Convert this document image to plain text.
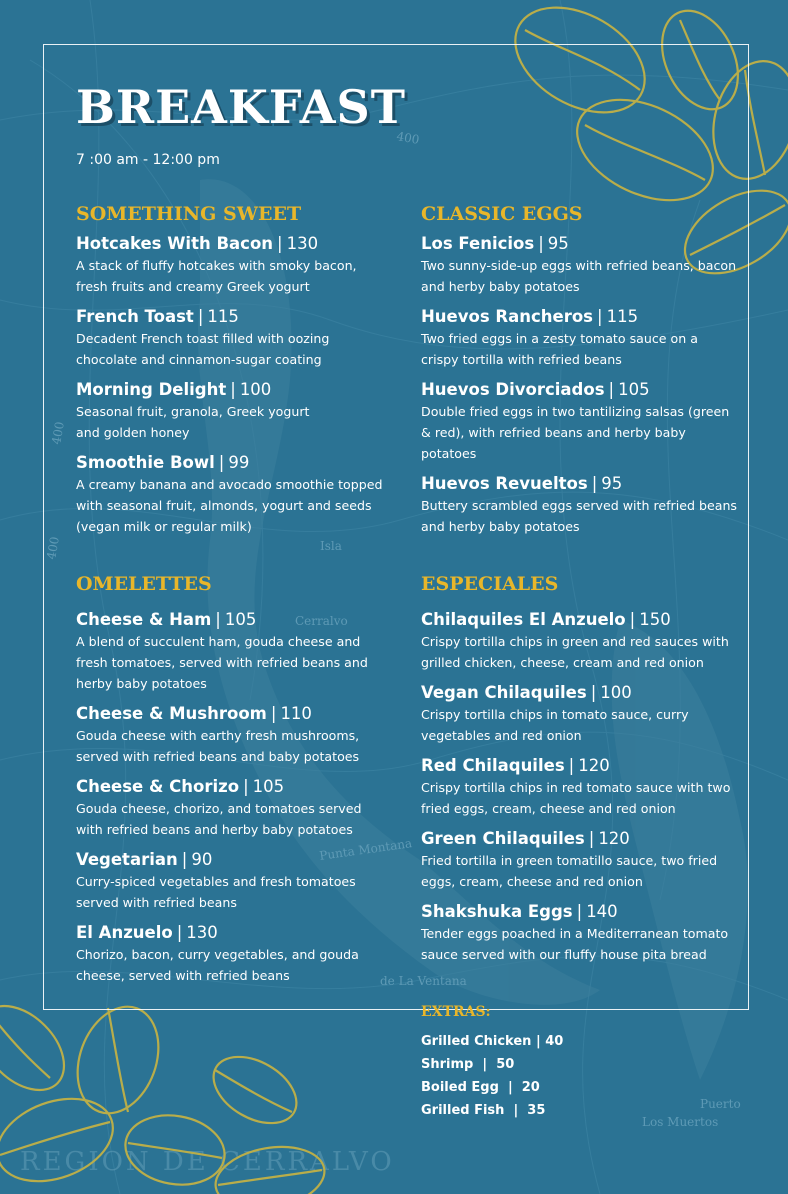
400
400
400	Isla
Cerralvo
Punta Montana
de La Ventana
Puerto
Los Muertos
REGION DE CERRALVO
BREAKFAST
7 :00 am - 12:00 pm
SOMETHING SWEET
Hotcakes With Bacon | 130
A stack of fluffy hotcakes with smoky bacon, fresh fruits and creamy Greek yogurt
French Toast | 115
Decadent French toast filled with oozing chocolate and cinnamon-sugar coating
Morning Delight | 100
Seasonal fruit, granola, Greek yogurt and golden honey
Smoothie Bowl | 99
A creamy banana and avocado smoothie topped with seasonal fruit, almonds, yogurt and seeds (vegan milk or regular milk)
CLASSIC EGGS
Los Fenicios | 95
Two sunny-side-up eggs with refried beans, bacon and herby baby potatoes
Huevos Rancheros | 115
Two fried eggs in a zesty tomato sauce on a crispy tortilla with refried beans
Huevos Divorciados | 105
Double fried eggs in two tantilizing salsas (green & red), with refried beans and herby baby potatoes
Huevos Revueltos | 95
Buttery scrambled eggs served with refried beans and herby baby potatoes
OMELETTES
Cheese & Ham | 105
A blend of succulent ham, gouda cheese and fresh tomatoes, served with refried beans and herby baby potatoes
Cheese & Mushroom | 110
Gouda cheese with earthy fresh mushrooms, served with refried beans and baby potatoes
Cheese & Chorizo | 105
Gouda cheese, chorizo, and tomatoes served with refried beans and herby baby potatoes
Vegetarian | 90
Curry-spiced vegetables and fresh tomatoes served with refried beans
El Anzuelo | 130
Chorizo, bacon, curry vegetables, and gouda cheese, served with refried beans
ESPECIALES
Chilaquiles El Anzuelo | 150
Crispy tortilla chips in green and red sauces with grilled chicken, cheese, cream and red onion
Vegan Chilaquiles | 100
Crispy tortilla chips in tomato sauce, curry vegetables and red onion
Red Chilaquiles | 120
Crispy tortilla chips in red tomato sauce with two fried eggs, cream, cheese and red onion
Green Chilaquiles | 120
Fried tortilla in green tomatillo sauce, two fried eggs, cream, cheese and red onion
Shakshuka Eggs | 140
Tender eggs poached in a Mediterranean tomato sauce served with our fluffy house pita bread
EXTRAS:
Grilled Chicken | 40
Shrimp  |  50
Boiled Egg  |  20
Grilled Fish  |  35
